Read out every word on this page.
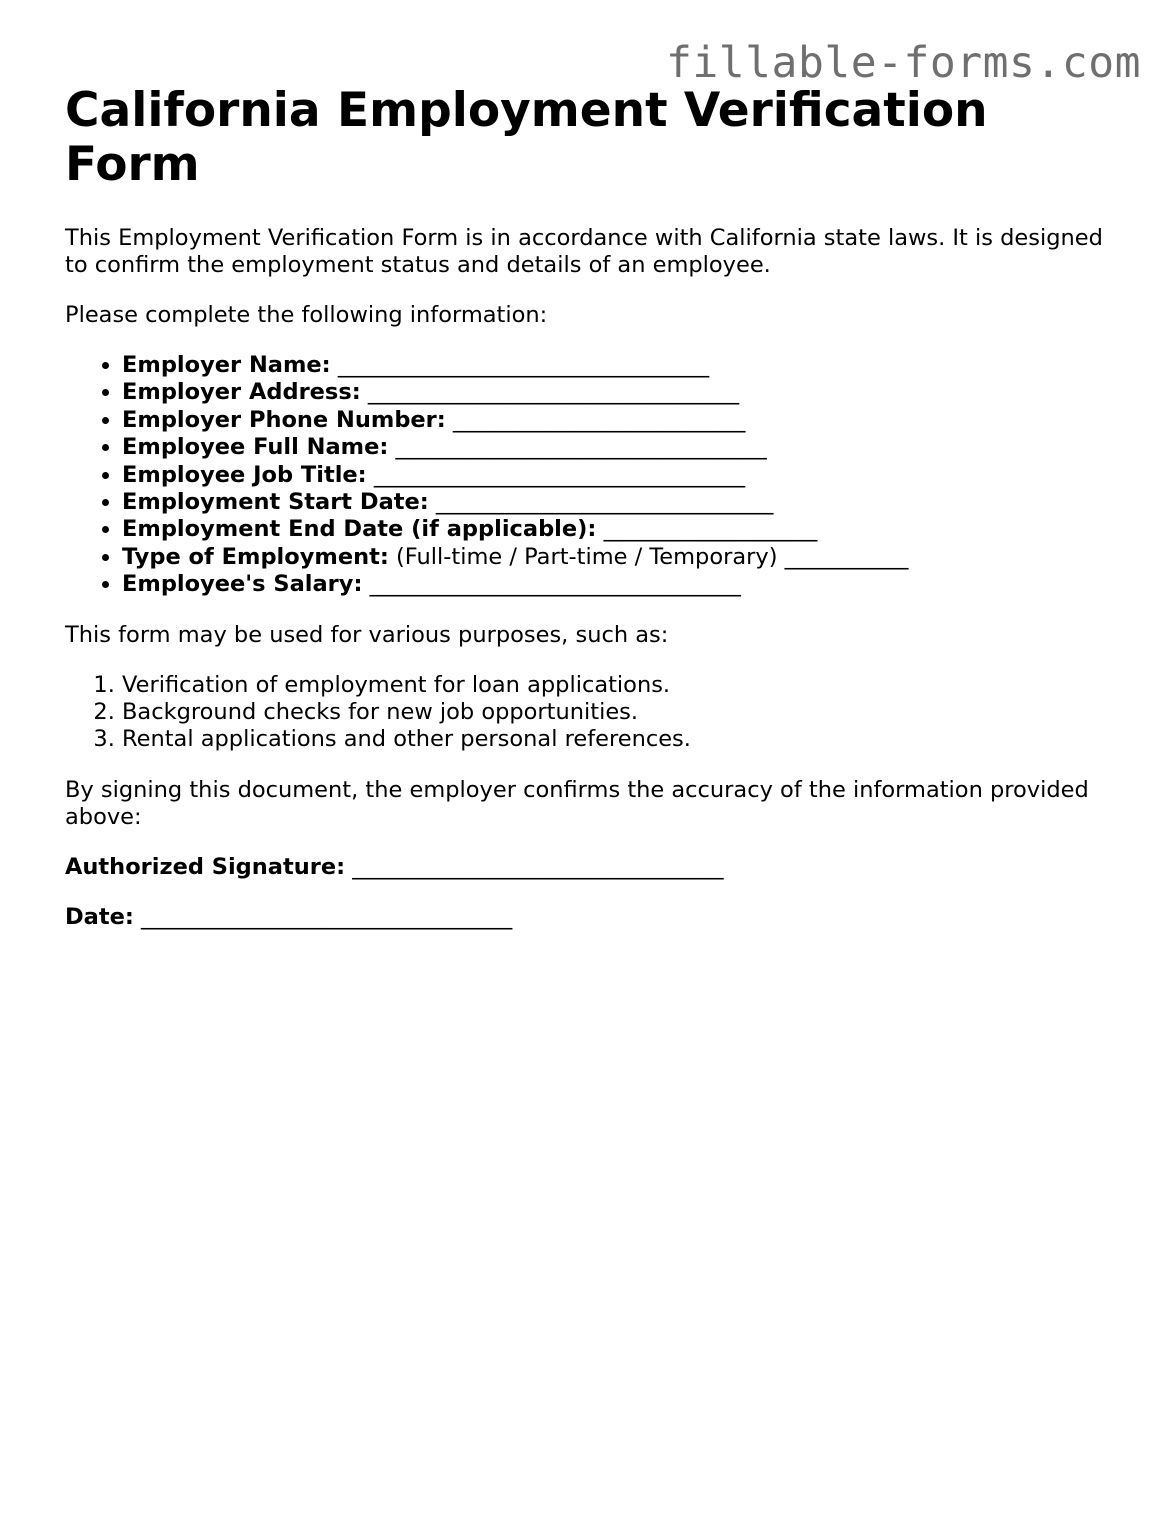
fillable-forms.com
California Employment Verification Form

This Employment Verification Form is in accordance with California state laws. It is designed to confirm the employment status and details of an employee.

Please complete the following information:

• Employer Name: _________________________________
• Employer Address: _________________________________
• Employer Phone Number: __________________________
• Employee Full Name: _________________________________
• Employee Job Title: _________________________________
• Employment Start Date: ______________________________
• Employment End Date (if applicable): ___________________
• Type of Employment: (Full-time / Part-time / Temporary) ___________
• Employee's Salary: _________________________________

This form may be used for various purposes, such as:

1. Verification of employment for loan applications.
2. Background checks for new job opportunities.
3. Rental applications and other personal references.

By signing this document, the employer confirms the accuracy of the information provided above:

Authorized Signature: _________________________________

Date: _________________________________
